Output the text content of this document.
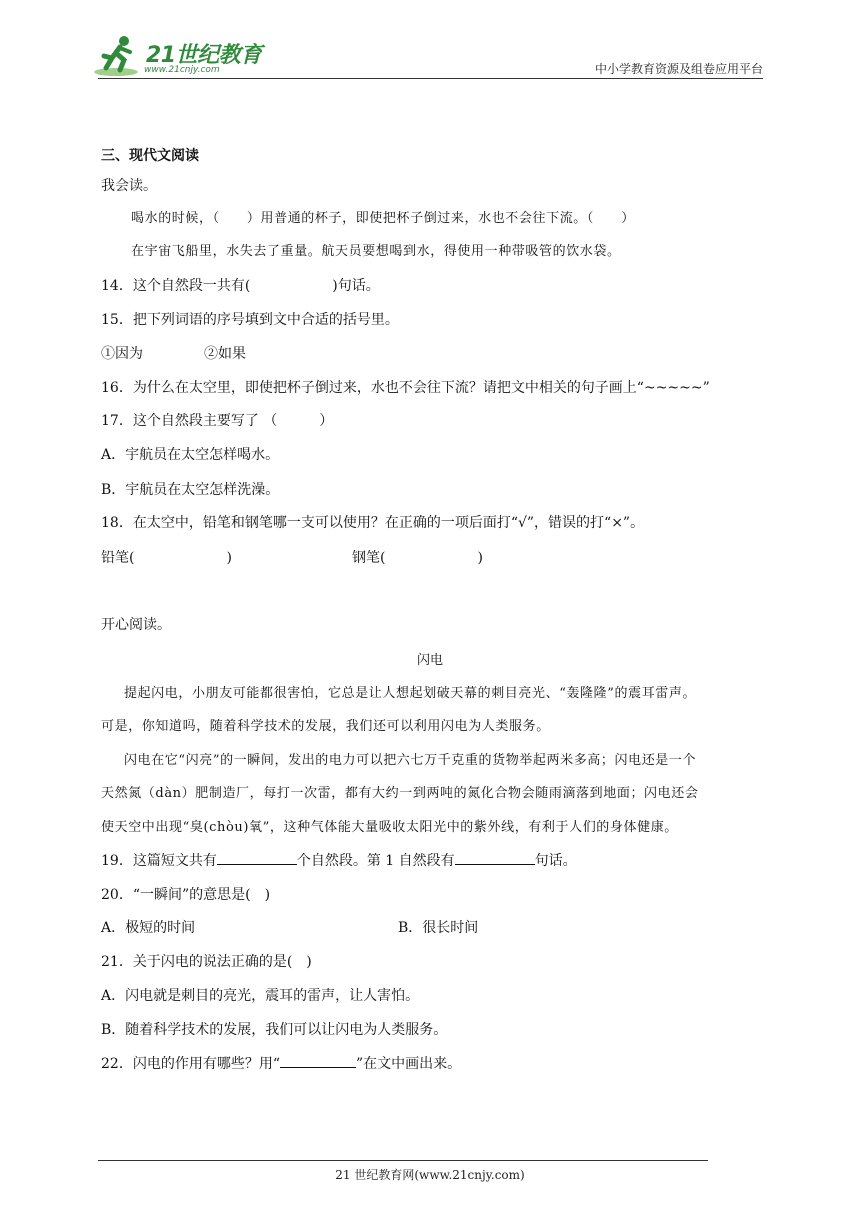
21世纪教育
www.21cnjy.com	中小学教育资源及组卷应用平台
三、现代文阅读
我会读。
喝水的时候，（　　）用普通的杯子，即使把杯子倒过来，水也不会往下流。（　　）
在宇宙飞船里，水失去了重量。航天员要想喝到水，得使用一种带吸管的饮水袋。
14．这个自然段一共有(	)句话。
15．把下列词语的序号填到文中合适的括号里。
①因为	②如果
16．为什么在太空里，即使把杯子倒过来，水也不会往下流？请把文中相关的句子画上“~~~~~”
17．这个自然段主要写了 （　　　）
A．宇航员在太空怎样喝水。
B．宇航员在太空怎样洗澡。
18．在太空中，铅笔和钢笔哪一支可以使用？在正确的一项后面打“√”，错误的打“×”。
铅笔(	)	钢笔(	)
开心阅读。
闪电
提起闪电，小朋友可能都很害怕，它总是让人想起划破天幕的刺目亮光、“轰隆隆”的震耳雷声。
可是，你知道吗，随着科学技术的发展，我们还可以利用闪电为人类服务。
闪电在它“闪亮”的一瞬间，发出的电力可以把六七万千克重的货物举起两米多高；闪电还是一个
天然氮（dàn）肥制造厂，每打一次雷，都有大约一到两吨的氮化合物会随雨滴落到地面；闪电还会
使天空中出现“臭(chòu)氧”，这种气体能大量吸收太阳光中的紫外线，有利于人们的身体健康。
19．这篇短文共有	个自然段。第 1 自然段有	句话。
20．“一瞬间”的意思是(　)
A．极短的时间	B．很长时间
21．关于闪电的说法正确的是(　)
A．闪电就是刺目的亮光，震耳的雷声，让人害怕。
B．随着科学技术的发展，我们可以让闪电为人类服务。
22．闪电的作用有哪些？用“	”在文中画出来。
21 世纪教育网(www.21cnjy.com)
